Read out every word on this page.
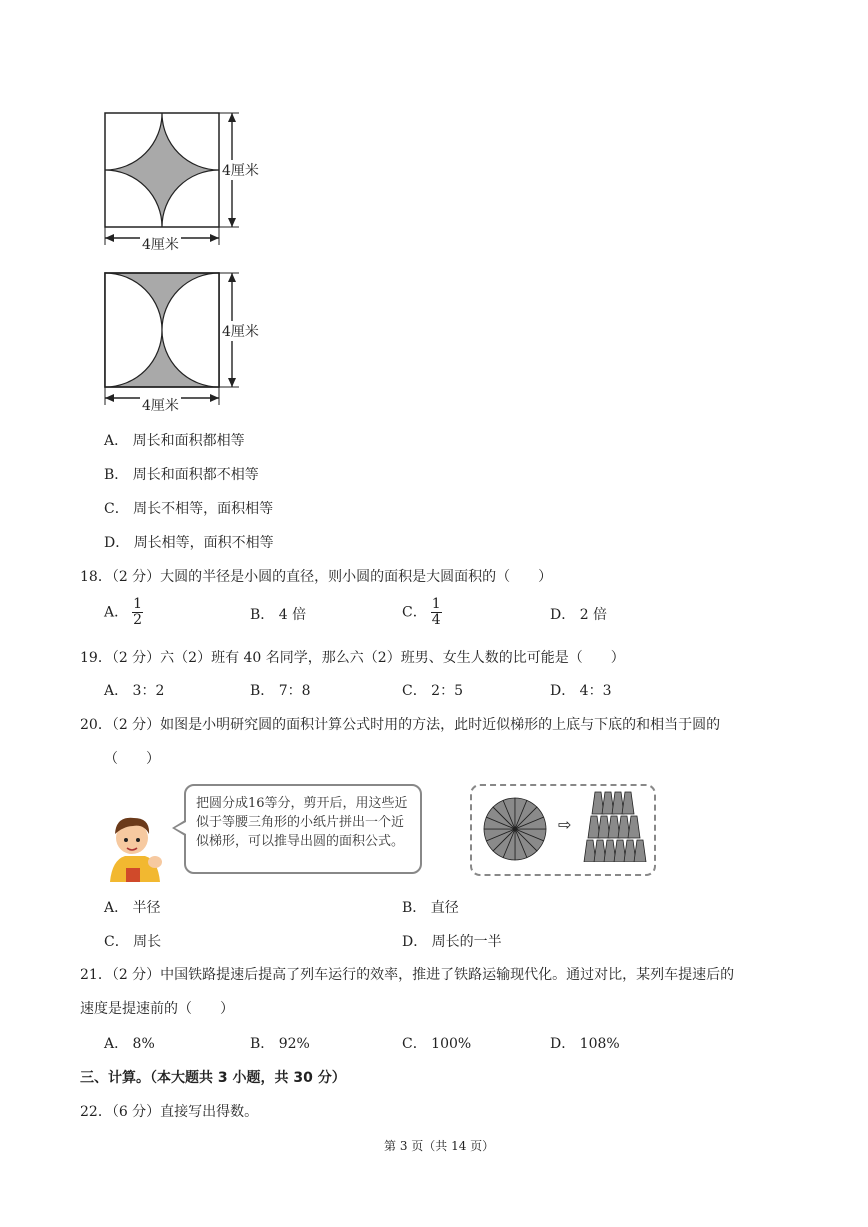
4厘米
4厘米
4厘米
4厘米
A． 周长和面积都相等
B． 周长和面积都不相等
C． 周长不相等，面积相等
D． 周长相等，面积不相等
18．（2 分）大圆的半径是小圆的直径，则小圆的面积是大圆面积的（　　）
A． $\frac{1}{2}$	B． 4 倍	C． $\frac{1}{4}$	D． 2 倍
19．（2 分）六（2）班有 40 名同学，那么六（2）班男、女生人数的比可能是（　　）
A． 3：2	B． 7：8	C． 2：5	D． 4：3
20．（2 分）如图是小明研究圆的面积计算公式时用的方法，此时近似梯形的上底与下底的和相当于圆的
（　　）
把圆分成16等分，剪开后，用这些近似于等腰三角形的小纸片拼出一个近似梯形，可以推导出圆的面积公式。
⇨
A． 半径	B． 直径
C． 周长	D． 周长的一半
21．（2 分）中国铁路提速后提高了列车运行的效率，推进了铁路运输现代化。通过对比，某列车提速后的
速度是提速前的（　　）
A． 8%	B． 92%	C． 100%	D． 108%
三、计算。（本大题共 3 小题，共 30 分）
22．（6 分）直接写出得数。
第 3 页（共 14 页）
